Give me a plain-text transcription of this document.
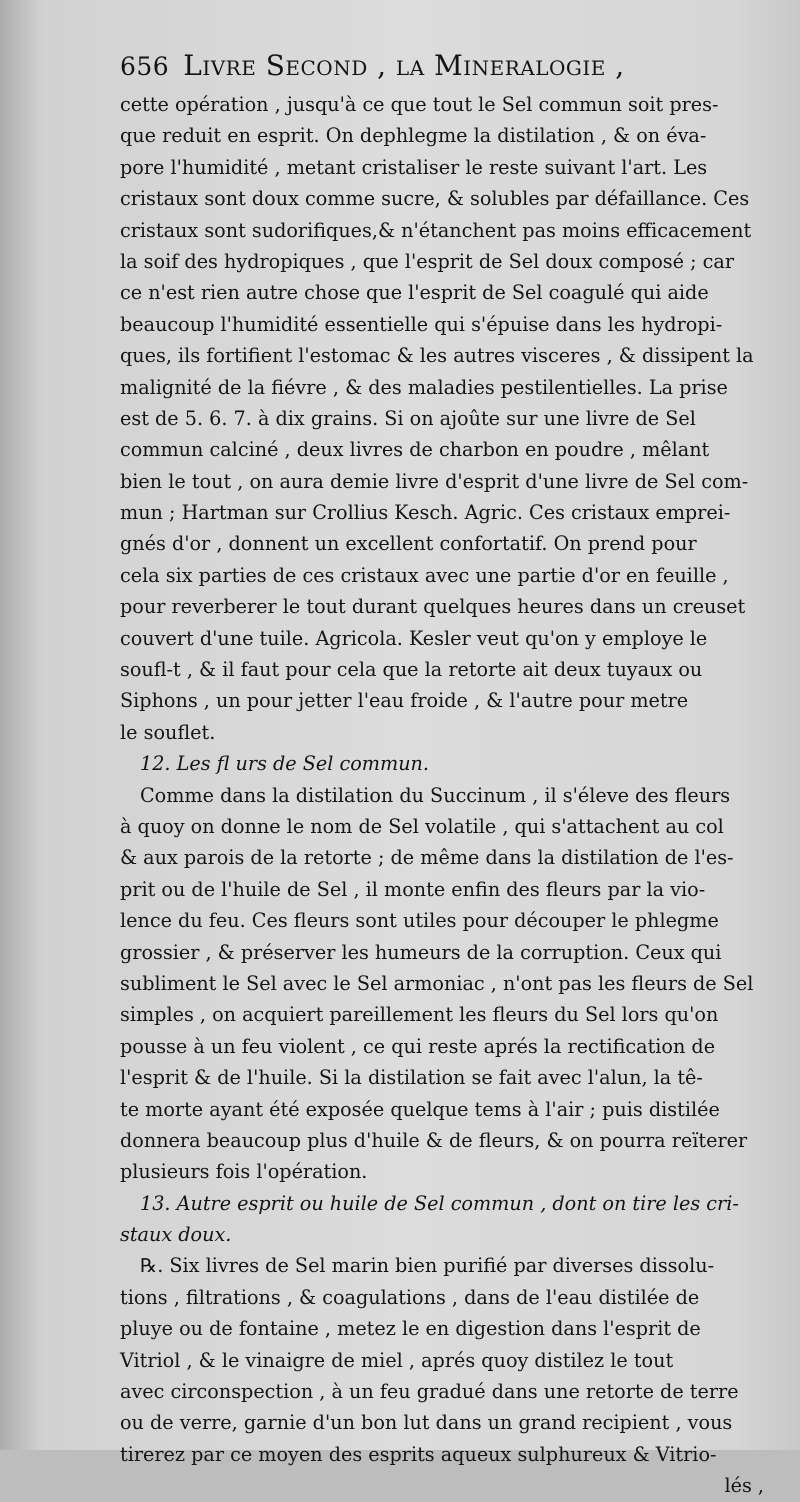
656 Livre Second , la Mineralogie ,
cette opération , jusqu'à ce que tout le Sel commun soit pres-
que reduit en esprit. On dephlegme la distilation , & on éva-
pore l'humidité , metant cristaliser le reste suivant l'art. Les
cristaux sont doux comme sucre, & solubles par défaillance. Ces
cristaux sont sudorifiques,& n'étanchent pas moins efficacement
la soif des hydropiques , que l'esprit de Sel doux composé ; car
ce n'est rien autre chose que l'esprit de Sel coagulé qui aide
beaucoup l'humidité essentielle qui s'épuise dans les hydropi-
ques, ils fortifient l'estomac & les autres visceres , & dissipent la
malignité de la fiévre , & des maladies pestilentielles. La prise
est de 5. 6. 7. à dix grains. Si on ajoûte sur une livre de Sel
commun calciné , deux livres de charbon en poudre , mêlant
bien le tout , on aura demie livre d'esprit d'une livre de Sel com-
mun ; Hartman sur Crollius Kesch. Agric. Ces cristaux emprei-
gnés d'or , donnent un excellent confortatif. On prend pour
cela six parties de ces cristaux avec une partie d'or en feuille ,
pour reverberer le tout durant quelques heures dans un creuset
couvert d'une tuile. Agricola. Kesler veut qu'on y employe le
soufl-t , & il faut pour cela que la retorte ait deux tuyaux ou
Siphons , un pour jetter l'eau froide , & l'autre pour metre
le souflet.
12. Les fl urs de Sel commun.
Comme dans la distilation du Succinum , il s'éleve des fleurs
à quoy on donne le nom de Sel volatile , qui s'attachent au col
& aux parois de la retorte ; de même dans la distilation de l'es-
prit ou de l'huile de Sel , il monte enfin des fleurs par la vio-
lence du feu. Ces fleurs sont utiles pour découper le phlegme
grossier , & préserver les humeurs de la corruption. Ceux qui
subliment le Sel avec le Sel armoniac , n'ont pas les fleurs de Sel
simples , on acquiert pareillement les fleurs du Sel lors qu'on
pousse à un feu violent , ce qui reste aprés la rectification de
l'esprit & de l'huile. Si la distilation se fait avec l'alun, la tê-
te morte ayant été exposée quelque tems à l'air ; puis distilée
donnera beaucoup plus d'huile & de fleurs, & on pourra reïterer
plusieurs fois l'opération.
13. Autre esprit ou huile de Sel commun , dont on tire les cri-
staux doux.
℞. Six livres de Sel marin bien purifié par diverses dissolu-
tions , filtrations , & coagulations , dans de l'eau distilée de
pluye ou de fontaine , metez le en digestion dans l'esprit de
Vitriol , & le vinaigre de miel , aprés quoy distilez le tout
avec circonspection , à un feu gradué dans une retorte de terre
ou de verre, garnie d'un bon lut dans un grand recipient , vous
tirerez par ce moyen des esprits aqueux sulphureux & Vitrio-
lés ,
